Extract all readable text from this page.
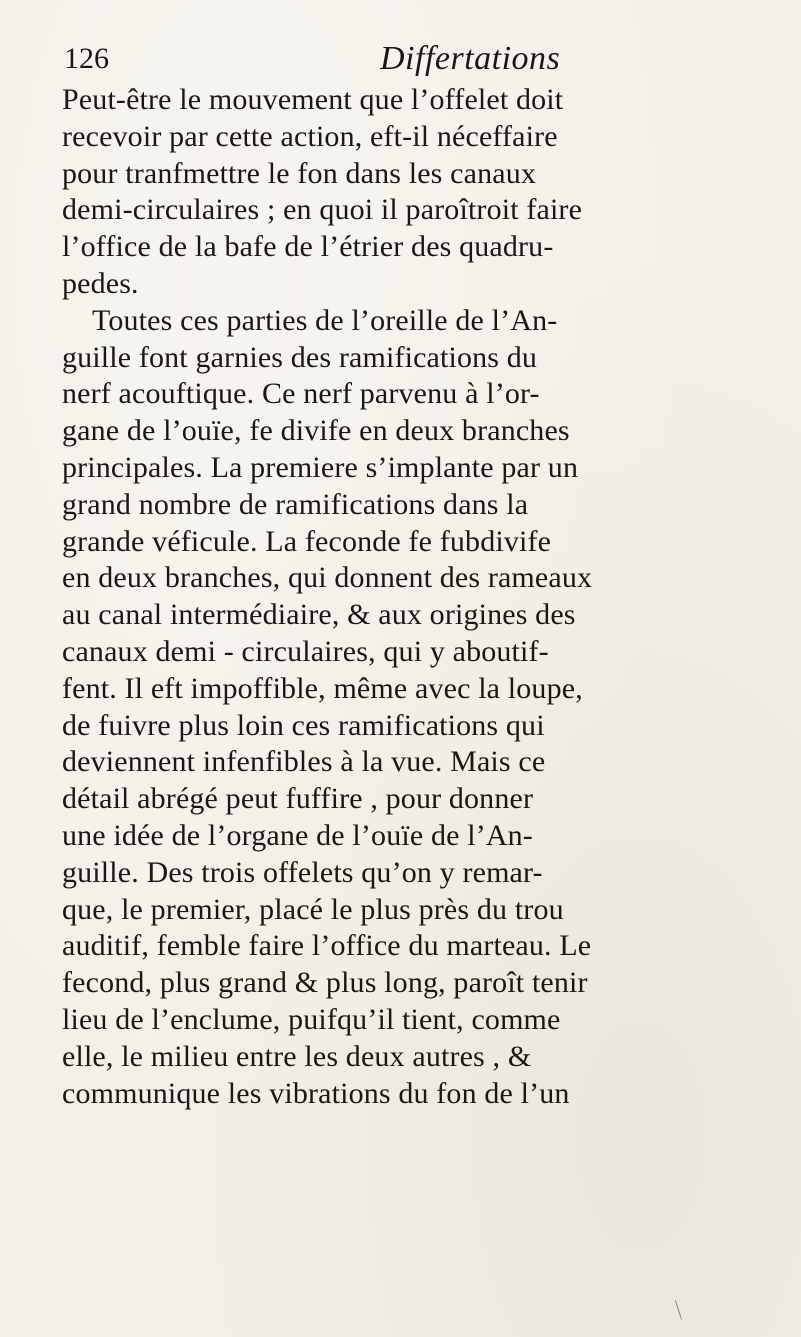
126	Differtations
Peut-être le mouvement que l’offelet doit
recevoir par cette action, eft-il néceffaire
pour tranfmettre le fon dans les canaux
demi-circulaires ; en quoi il paroîtroit faire
l’office de la bafe de l’étrier des quadru-
pedes.
Toutes ces parties de l’oreille de l’An-
guille font garnies des ramifications du
nerf acouftique. Ce nerf parvenu à l’or-
gane de l’ouïe, fe divife en deux branches
principales. La premiere s’implante par un
grand nombre de ramifications dans la
grande véficule. La feconde fe fubdivife
en deux branches, qui donnent des rameaux
au canal intermédiaire, & aux origines des
canaux demi - circulaires, qui y aboutif-
fent. Il eft impoffible, même avec la loupe,
de fuivre plus loin ces ramifications qui
deviennent infenfibles à la vue. Mais ce
détail abrégé peut fuffire , pour donner
une idée de l’organe de l’ouïe de l’An-
guille. Des trois offelets qu’on y remar-
que, le premier, placé le plus près du trou
auditif, femble faire l’office du marteau. Le
fecond, plus grand & plus long, paroît tenir
lieu de l’enclume, puifqu’il tient, comme
elle, le milieu entre les deux autres , &
communique les vibrations du fon de l’un
